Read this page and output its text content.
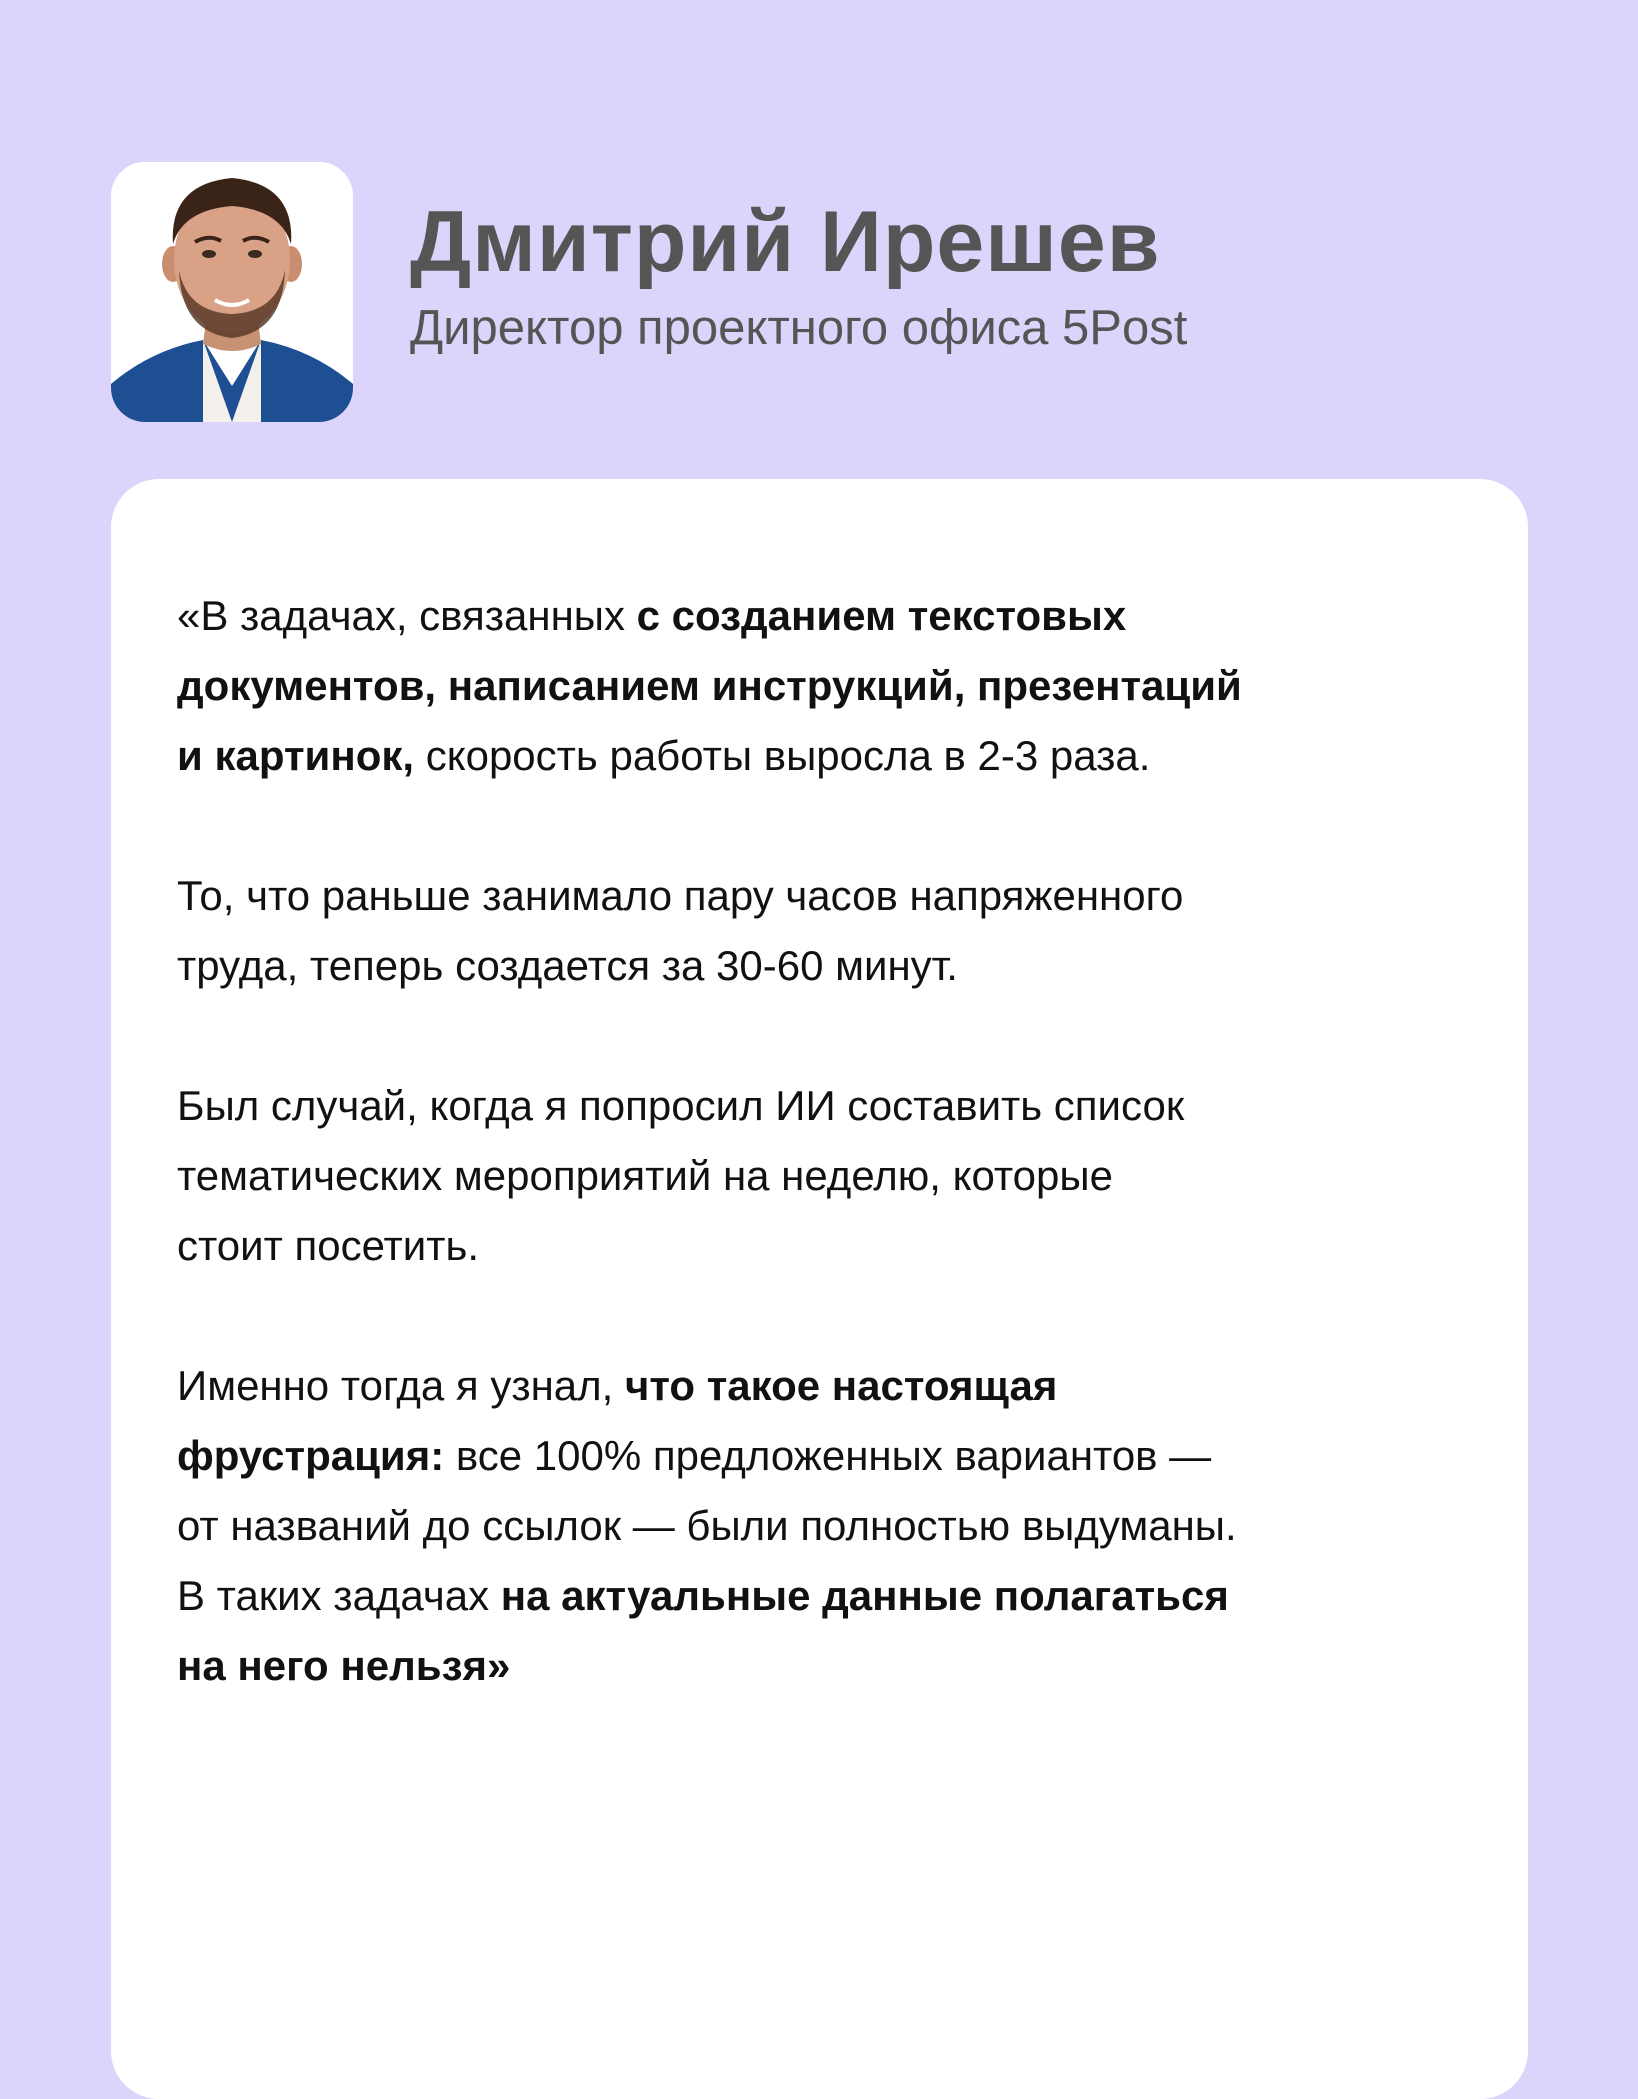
Дмитрий Ирешев
Директор проектного офиса 5Post
«В задачах, связанных с созданием текстовых
документов, написанием инструкций, презентаций
и картинок, скорость работы выросла в 2-3 раза.
То, что раньше занимало пару часов напряженного
труда, теперь создается за 30-60 минут.
Был случай, когда я попросил ИИ составить список
тематических мероприятий на неделю, которые
стоит посетить.
Именно тогда я узнал, что такое настоящая
фрустрация: все 100% предложенных вариантов —
от названий до ссылок — были полностью выдуманы.
В таких задачах на актуальные данные полагаться
на него нельзя»
